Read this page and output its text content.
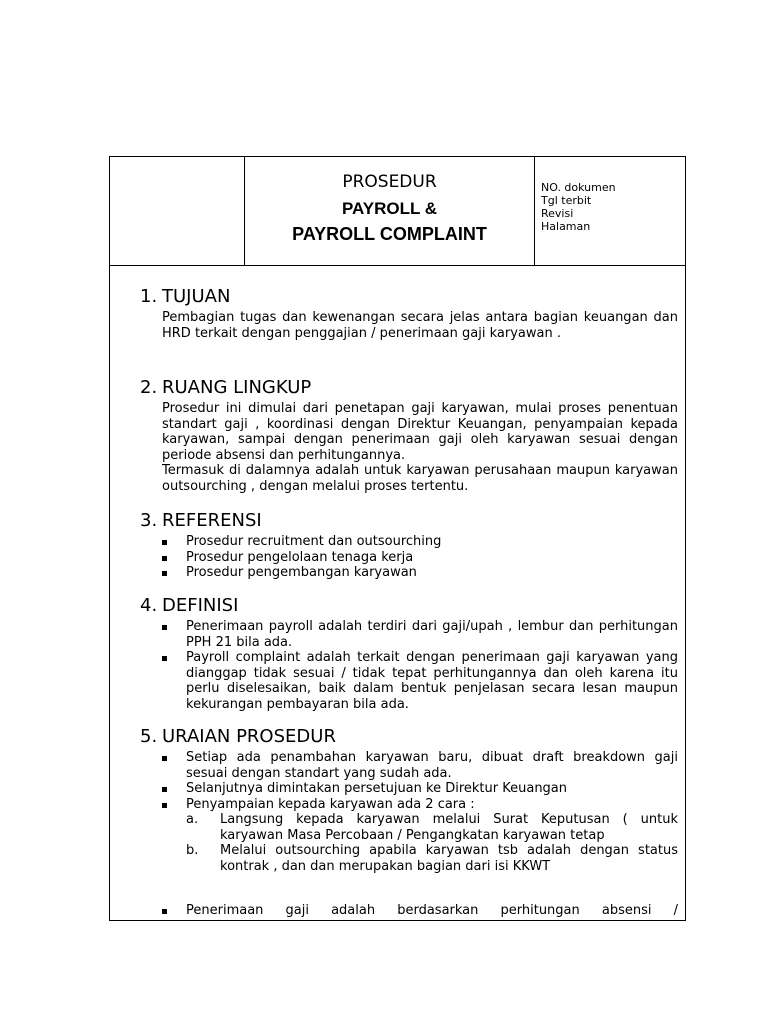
PROSEDUR
PAYROLL &
PAYROLL COMPLAINT
NO. dokumen
Tgl terbit
Revisi
Halaman
1. TUJUAN
Pembagian tugas dan kewenangan secara jelas antara bagian keuangan dan HRD terkait dengan penggajian / penerimaan gaji karyawan .
2. RUANG LINGKUP
Prosedur ini dimulai dari penetapan gaji karyawan, mulai proses penentuan standart gaji , koordinasi dengan Direktur Keuangan, penyampaian kepada karyawan, sampai dengan penerimaan gaji oleh karyawan sesuai dengan periode absensi dan perhitungannya.
Termasuk di dalamnya adalah untuk karyawan perusahaan maupun karyawan outsourching , dengan melalui proses tertentu.
3. REFERENSI
Prosedur recruitment dan outsourching
Prosedur pengelolaan tenaga kerja
Prosedur pengembangan karyawan
4. DEFINISI
Penerimaan payroll adalah terdiri dari gaji/upah , lembur dan perhitungan PPH 21 bila ada.
Payroll complaint adalah terkait dengan penerimaan gaji karyawan yang dianggap tidak sesuai / tidak tepat perhitungannya dan oleh karena itu perlu diselesaikan, baik dalam bentuk penjelasan secara lesan maupun kekurangan pembayaran bila ada.
5. URAIAN PROSEDUR
Setiap ada penambahan karyawan baru, dibuat draft breakdown gaji sesuai dengan standart yang sudah ada.
Selanjutnya dimintakan persetujuan ke Direktur Keuangan
Penyampaian kepada karyawan ada 2 cara :
a. Langsung kepada karyawan melalui Surat Keputusan ( untuk karyawan Masa Percobaan / Pengangkatan karyawan tetap
b. Melalui outsourching apabila karyawan tsb adalah dengan status kontrak , dan dan merupakan bagian dari isi KKWT
Penerimaan gaji adalah berdasarkan perhitungan absensi /
